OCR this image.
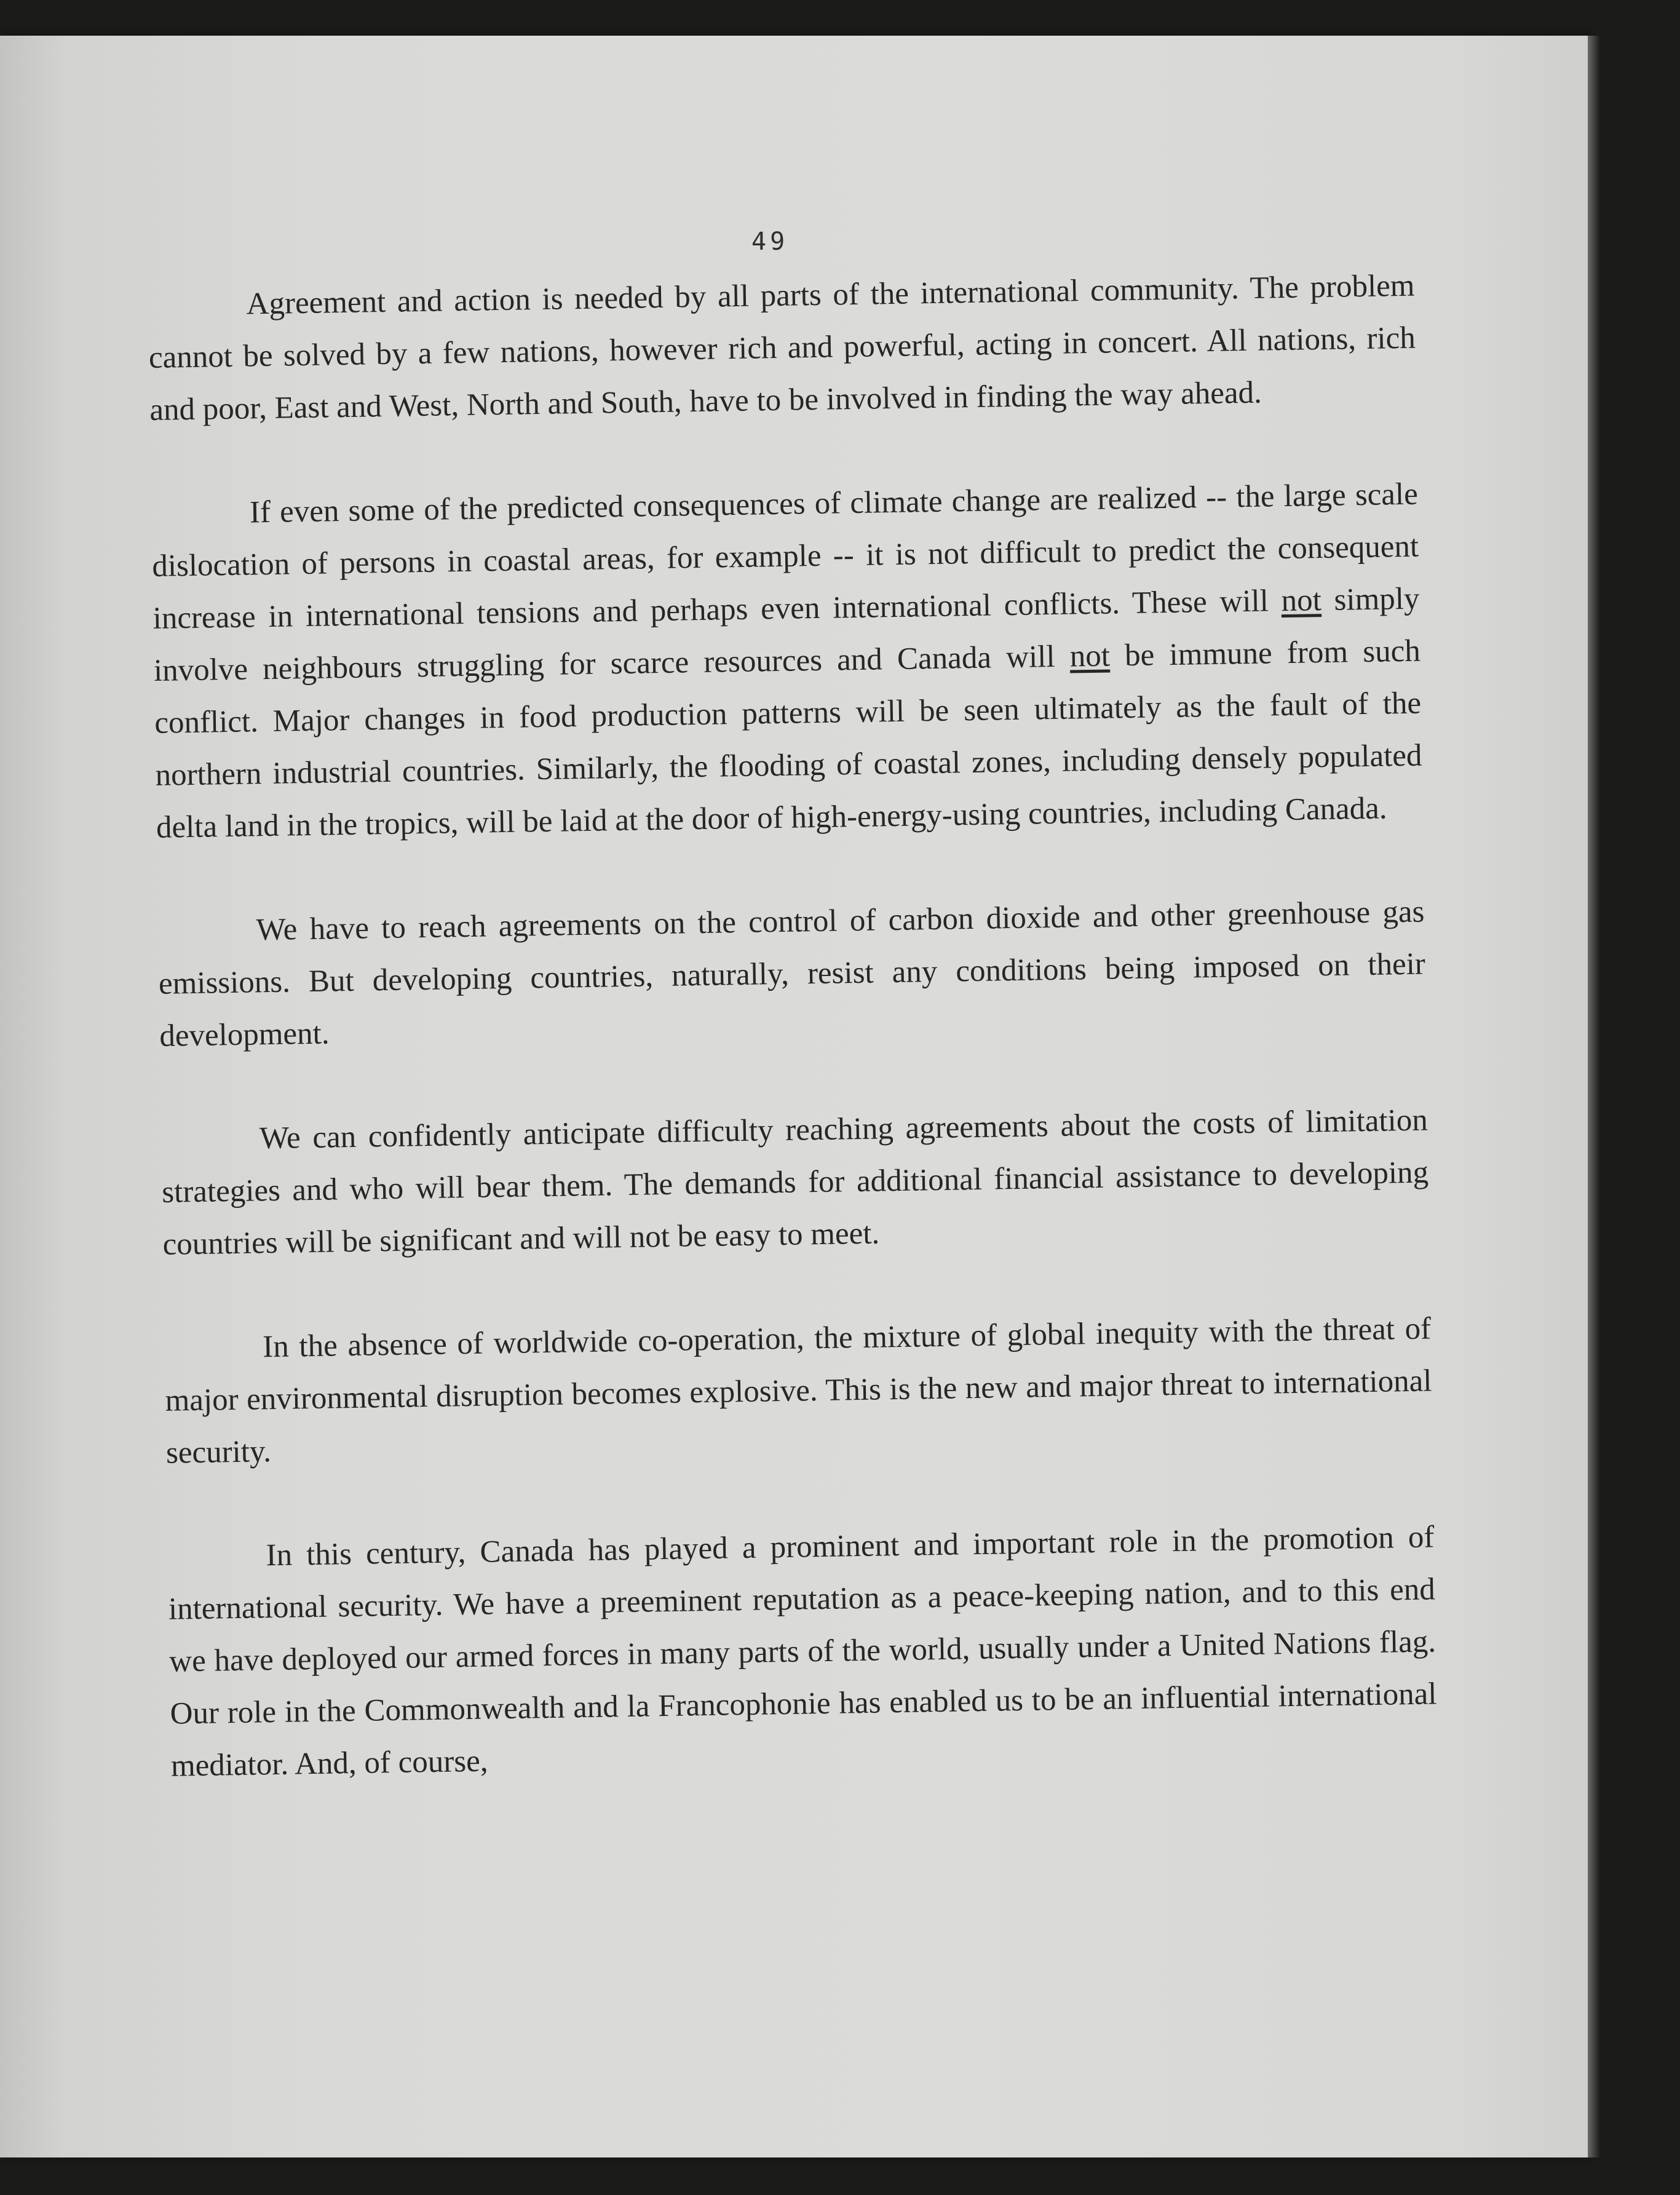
49

Agreement and action is needed by all parts of the international community. The problem cannot be solved by a few nations, however rich and powerful, acting in concert. All nations, rich and poor, East and West, North and South, have to be involved in finding the way ahead.

If even some of the predicted consequences of climate change are realized -- the large scale dislocation of persons in coastal areas, for example -- it is not difficult to predict the consequent increase in international tensions and perhaps even international conflicts. These will not simply involve neighbours struggling for scarce resources and Canada will not be immune from such conflict. Major changes in food production patterns will be seen ultimately as the fault of the northern industrial countries. Similarly, the flooding of coastal zones, including densely populated delta land in the tropics, will be laid at the door of high-energy-using countries, including Canada.

We have to reach agreements on the control of carbon dioxide and other greenhouse gas emissions. But developing countries, naturally, resist any conditions being imposed on their development.

We can confidently anticipate difficulty reaching agreements about the costs of limitation strategies and who will bear them. The demands for additional financial assistance to developing countries will be significant and will not be easy to meet.

In the absence of worldwide co-operation, the mixture of global inequity with the threat of major environmental disruption becomes explosive. This is the new and major threat to international security.

In this century, Canada has played a prominent and important role in the promotion of international security. We have a preeminent reputation as a peace-keeping nation, and to this end we have deployed our armed forces in many parts of the world, usually under a United Nations flag. Our role in the Commonwealth and la Francophonie has enabled us to be an influential international mediator. And, of course,
